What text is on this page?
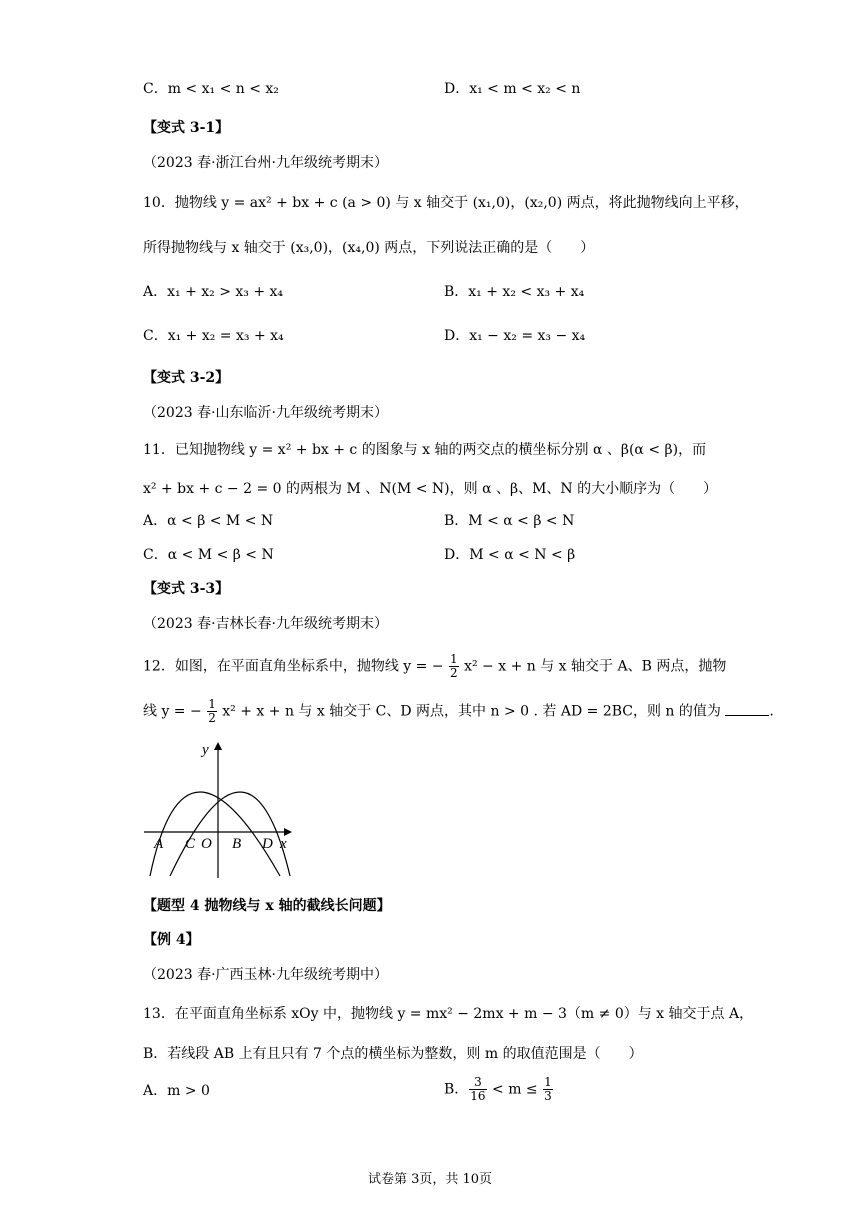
C．m < x₁ < n < x₂	D．x₁ < m < x₂ < n
【变式 3-1】
（2023 春·浙江台州·九年级统考期末）
10．抛物线 y = ax² + bx + c (a > 0) 与 x 轴交于 (x₁,0)，(x₂,0) 两点，将此抛物线向上平移，
所得抛物线与 x 轴交于 (x₃,0)，(x₄,0) 两点，下列说法正确的是（　　）
A．x₁ + x₂ > x₃ + x₄	B．x₁ + x₂ < x₃ + x₄
C．x₁ + x₂ = x₃ + x₄	D．x₁ − x₂ = x₃ − x₄
【变式 3-2】
（2023 春·山东临沂·九年级统考期末）
11．已知抛物线 y = x² + bx + c 的图象与 x 轴的两交点的横坐标分别 α 、β(α < β)，而
x² + bx + c − 2 = 0 的两根为 M 、N(M < N)，则 α 、β、M、N 的大小顺序为（　　）
A．α < β < M < N	B．M < α < β < N
C．α < M < β < N	D．M < α < N < β
【变式 3-3】
（2023 春·吉林长春·九年级统考期末）
12．如图，在平面直角坐标系中，抛物线 y = − $\frac{1}{2} x^2 - x + n$ 与 x 轴交于 A、B 两点，抛物
线 y = − $\frac{1}{2} x^2 + x + n$ 与 x 轴交于 C、D 两点，其中 n > 0 . 若 AD = 2BC，则 n 的值为	.
y
x
A C O B D
【题型 4 抛物线与 x 轴的截线长问题】
【例 4】
（2023 春·广西玉林·九年级统考期中）
13．在平面直角坐标系 xOy 中，抛物线 y = mx² − 2mx + m − 3（m ≠ 0）与 x 轴交于点 A，
B．若线段 AB 上有且只有 7 个点的横坐标为整数，则 m 的取值范围是（　　）
A．m > 0	B． $\frac{3}{16} < m \le \frac{1}{3}$
试卷第 3页，共 10页
